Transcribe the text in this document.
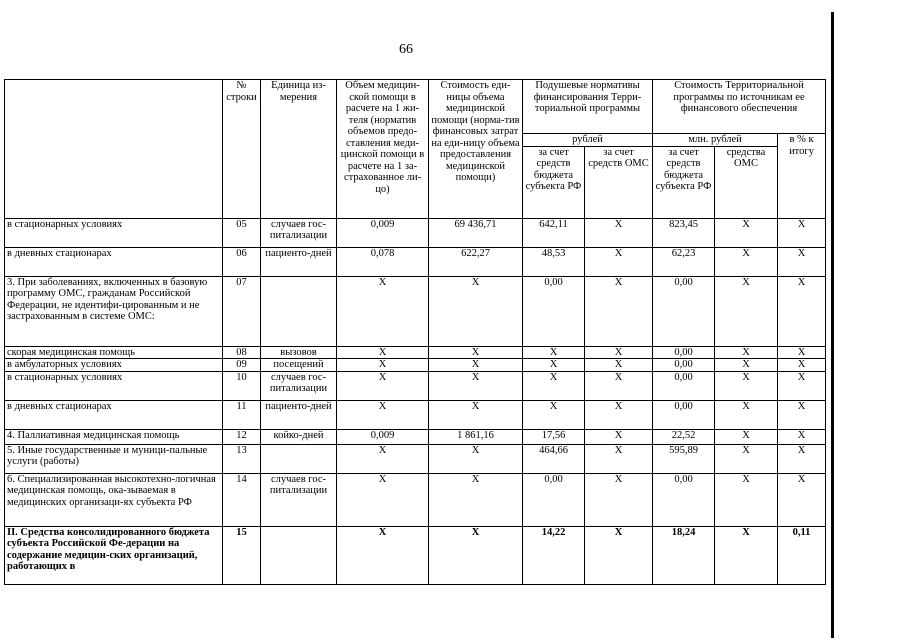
66
	№ строки	Единица из-мерения	Объем медицин-ской помощи в расчете на 1 жи-теля (норматив объемов предо-ставления меди-цинской помощи в расчете на 1 за-страхованное ли-цо)	Стоимость еди-ницы объема медицинской помощи (норма-тив финансовых затрат на еди-ницу объема предоставления медицинской помощи)	Подушевые нормативы финансирования Терри-ториальной программы		Стоимость Территориальной программы по источникам ее финансового обеспечения		
					рублей		млн. рублей		в % к итогу
					за счет средств бюджета субъекта РФ	за счет средств ОМС	за счет средств бюджета субъекта РФ	средства ОМС	
в стационарных условиях	05	случаев гос-питализации	0,009	69 436,71	642,11	X	823,45	X	X
в дневных стационарах	06	пациенто-дней	0,078	622,27	48,53	X	62,23	X	X
3. При заболеваниях, включенных в базовую программу ОМС, гражданам Российской Федерации, не идентифи-цированным и не застрахованным в системе ОМС:	07		X	X	0,00	X	0,00	X	X
скорая медицинская помощь	08	вызовов	X	X	X	X	0,00	X	X
в амбулаторных условиях	09	посещений	X	X	X	X	0,00	X	X
в стационарных условиях	10	случаев гос-питализации	X	X	X	X	0,00	X	X
в дневных стационарах	11	пациенто-дней	X	X	X	X	0,00	X	X
4. Паллиативная медицинская помощь	12	койко-дней	0,009	1 861,16	17,56	X	22,52	X	X
5. Иные государственные и муници-пальные услуги (работы)	13		X	X	464,66	X	595,89	X	X
6. Специализированная высокотехно-логичная медицинская помощь, ока-зываемая в медицинских организаци-ях субъекта РФ	14	случаев гос-питализации	X	X	0,00	X	0,00	X	X
II. Средства консолидированного бюджета субъекта Российской Фе-дерации на содержание медицин-ских организаций, работающих в	15		X	X	14,22	X	18,24	X	0,11
